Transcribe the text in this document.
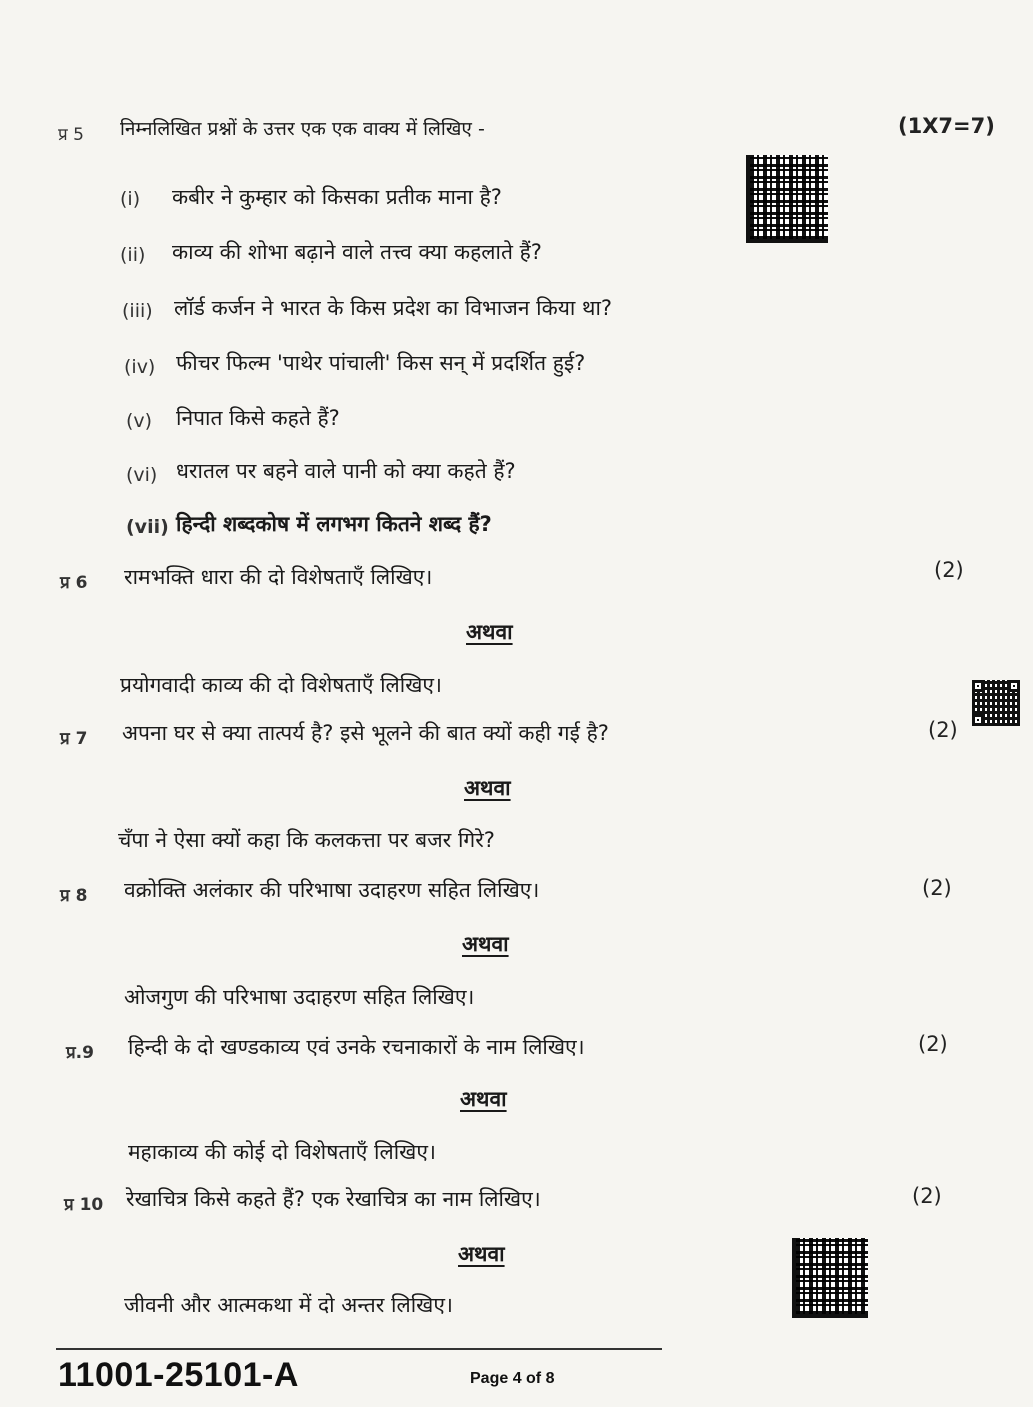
प्र 5 निम्नलिखित प्रश्नों के उत्तर एक एक वाक्य में लिखिए -	(1X7=7)
(i) कबीर ने कुम्हार को किसका प्रतीक माना है?
(ii) काव्य की शोभा बढ़ाने वाले तत्त्व क्या कहलाते हैं?
(iii) लॉर्ड कर्जन ने भारत के किस प्रदेश का विभाजन किया था?
(iv) फीचर फिल्म 'पाथेर पांचाली' किस सन् में प्रदर्शित हुई?
(v) निपात किसे कहते हैं?
(vi) धरातल पर बहने वाले पानी को क्या कहते हैं?
(vii) हिन्दी शब्दकोष में लगभग कितने शब्द हैं?
प्र 6 रामभक्ति धारा की दो विशेषताएँ लिखिए।	(2)
अथवा
प्रयोगवादी काव्य की दो विशेषताएँ लिखिए।
प्र 7 अपना घर से क्या तात्पर्य है? इसे भूलने की बात क्यों कही गई है?	(2)
अथवा
चँपा ने ऐसा क्यों कहा कि कलकत्ता पर बजर गिरे?
प्र 8 वक्रोक्ति अलंकार की परिभाषा उदाहरण सहित लिखिए।	(2)
अथवा
ओजगुण की परिभाषा उदाहरण सहित लिखिए।
प्र.9 हिन्दी के दो खण्डकाव्य एवं उनके रचनाकारों के नाम लिखिए।	(2)
अथवा
महाकाव्य की कोई दो विशेषताएँ लिखिए।
प्र 10 रेखाचित्र किसे कहते हैं? एक रेखाचित्र का नाम लिखिए।	(2)
अथवा
जीवनी और आत्मकथा में दो अन्तर लिखिए।
11001-25101-A	Page 4 of 8
